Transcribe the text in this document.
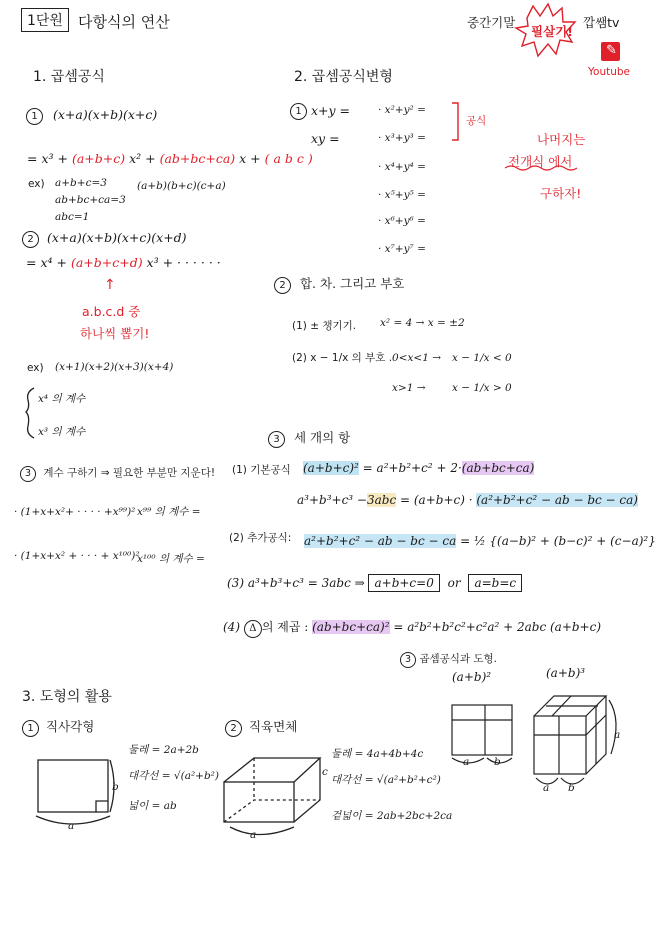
1단원	다항식의 연산	중간기말
필살기!
깝쌤tv
✎
Youtube
1. 곱셈공식
1 (x+a)(x+b)(x+c)
= x³ + (a+b+c) x² + (ab+bc+ca) x + ( a b c )
ex) a+b+c=3
ab+bc+ca=3
abc=1
(a+b)(b+c)(c+a)
2 (x+a)(x+b)(x+c)(x+d)
= x⁴ + (a+b+c+d) x³ + · · · · · ·
↑
a.b.c.d 중
하나씩 뽑기!
ex) (x+1)(x+2)(x+3)(x+4)
x⁴ 의 계수
x³ 의 계수
3 계수 구하기 ⇒ 필요한 부분만 지운다!
· (1+x+x²+ · · · · +x⁹⁹)² x⁹⁹ 의 계수 =
· (1+x+x² + · · · + x¹⁰⁰)²
x¹⁰⁰ 의 계수 =
2. 곱셈공식변형
1 x+y =
xy =
· x²+y² =
· x³+y³ =
· x⁴+y⁴ =
· x⁵+y⁵ =
· x⁶+y⁶ =
· x⁷+y⁷ =
공식
나머지는
전개식 에서
구하자!
2 합. 차. 그리고 부호
(1) ± 챙기기. x² = 4 → x = ±2
(2) x − 1/x 의 부호 . 0<x<1 → x − 1/x < 0
x>1 →	x − 1/x > 0
3 세 개의 항
(1) 기본공식 (a+b+c)² = a²+b²+c² + 2·(ab+bc+ca)
a³+b³+c³ −3abc = (a+b+c) · (a²+b²+c² − ab − bc − ca)
(2) 추가공식: a²+b²+c² − ab − bc − ca = ½ {(a−b)² + (b−c)² + (c−a)²}
(3) a³+b³+c³ = 3abc ⇒ a+b+c=0 or a=b=c
(4) Δ 의 제곱 : (ab+bc+ca)² = a²b²+b²c²+c²a² + 2abc (a+b+c)
3 곱셈공식과 도형.
(a+b)²	(a+b)³
3. 도형의 활용
1 직사각형	2 직육면체
둘레 = 2a+2b
대각선 = √(a²+b²)
넓이 = ab
둘레 = 4a+4b+4c
대각선 = √(a²+b²+c²)
겉넓이 = 2ab+2bc+2ca
b
a
c
a
a b
a b
a
